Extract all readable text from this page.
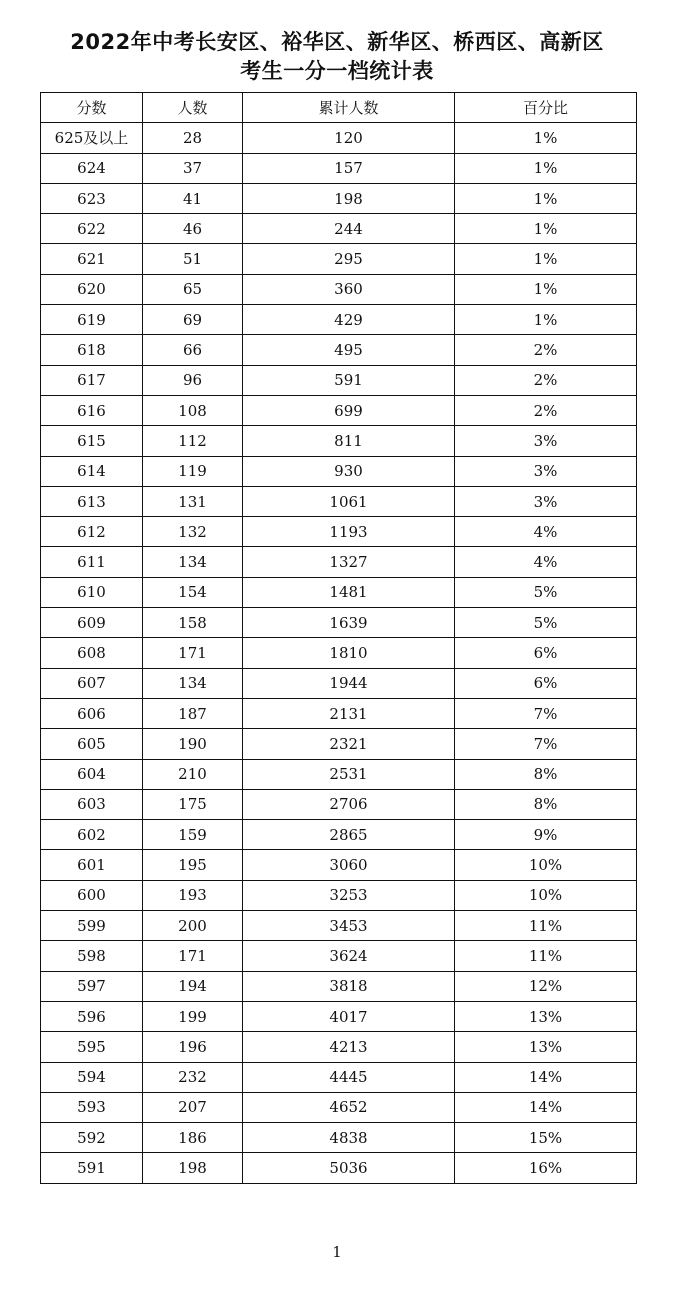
2022年中考长安区、裕华区、新华区、桥西区、高新区
考生一分一档统计表
分数	人数	累计人数	百分比
625及以上	28	120	1%
624	37	157	1%
623	41	198	1%
622	46	244	1%
621	51	295	1%
620	65	360	1%
619	69	429	1%
618	66	495	2%
617	96	591	2%
616	108	699	2%
615	112	811	3%
614	119	930	3%
613	131	1061	3%
612	132	1193	4%
611	134	1327	4%
610	154	1481	5%
609	158	1639	5%
608	171	1810	6%
607	134	1944	6%
606	187	2131	7%
605	190	2321	7%
604	210	2531	8%
603	175	2706	8%
602	159	2865	9%
601	195	3060	10%
600	193	3253	10%
599	200	3453	11%
598	171	3624	11%
597	194	3818	12%
596	199	4017	13%
595	196	4213	13%
594	232	4445	14%
593	207	4652	14%
592	186	4838	15%
591	198	5036	16%
1
